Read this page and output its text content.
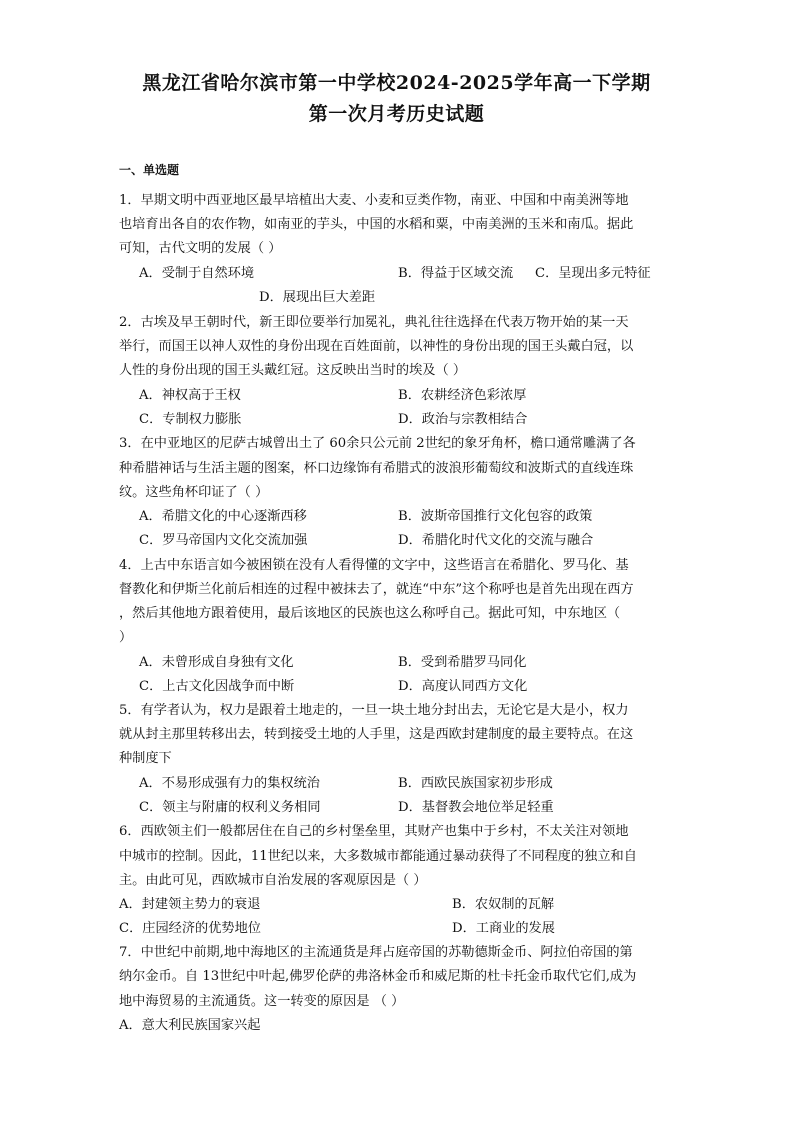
黑龙江省哈尔滨市第一中学校2024-2025学年高一下学期
第一次月考历史试题
一、单选题
1．早期文明中西亚地区最早培植出大麦、小麦和豆类作物，南亚、中国和中南美洲等地
也培育出各自的农作物，如南亚的芋头，中国的水稻和粟，中南美洲的玉米和南瓜。据此
可知，古代文明的发展（ ）
A．受制于自然环境	B．得益于区域交流 C．呈现出多元特征
D．展现出巨大差距
2．古埃及早王朝时代，新王即位要举行加冕礼，典礼往往选择在代表万物开始的某一天
举行，而国王以神人双性的身份出现在百姓面前，以神性的身份出现的国王头戴白冠，以
人性的身份出现的国王头戴红冠。这反映出当时的埃及（ ）
A．神权高于王权	B．农耕经济色彩浓厚
C．专制权力膨胀	D．政治与宗教相结合
3．在中亚地区的尼萨古城曾出土了 60余只公元前 2世纪的象牙角杯，檐口通常雕满了各
种希腊神话与生活主题的图案，杯口边缘饰有希腊式的波浪形葡萄纹和波斯式的直线连珠
纹。这些角杯印证了（ ）
A．希腊文化的中心逐渐西移	B．波斯帝国推行文化包容的政策
C．罗马帝国内文化交流加强	D．希腊化时代文化的交流与融合
4．上古中东语言如今被困锁在没有人看得懂的文字中，这些语言在希腊化、罗马化、基
督教化和伊斯兰化前后相连的过程中被抹去了，就连“中东”这个称呼也是首先出现在西方
，然后其他地方跟着使用，最后该地区的民族也这么称呼自己。据此可知，中东地区（
）
A．未曾形成自身独有文化	B．受到希腊罗马同化
C．上古文化因战争而中断	D．高度认同西方文化
5．有学者认为，权力是跟着土地走的，一旦一块土地分封出去，无论它是大是小，权力
就从封主那里转移出去，转到接受土地的人手里，这是西欧封建制度的最主要特点。在这
种制度下
A．不易形成强有力的集权统治	B．西欧民族国家初步形成
C．领主与附庸的权利义务相同	D．基督教会地位举足轻重
6．西欧领主们一般都居住在自己的乡村堡垒里，其财产也集中于乡村，不太关注对领地
中城市的控制。因此，11世纪以来，大多数城市都能通过暴动获得了不同程度的独立和自
主。由此可见，西欧城市自治发展的客观原因是（ ）
A．封建领主势力的衰退	B．农奴制的瓦解
C．庄园经济的优势地位	D．工商业的发展
7．中世纪中前期,地中海地区的主流通货是拜占庭帝国的苏勒德斯金币、阿拉伯帝国的第
纳尔金币。自 13世纪中叶起,佛罗伦萨的弗洛林金币和威尼斯的杜卡托金币取代它们,成为
地中海贸易的主流通货。这一转变的原因是 （ ）
A．意大利民族国家兴起
